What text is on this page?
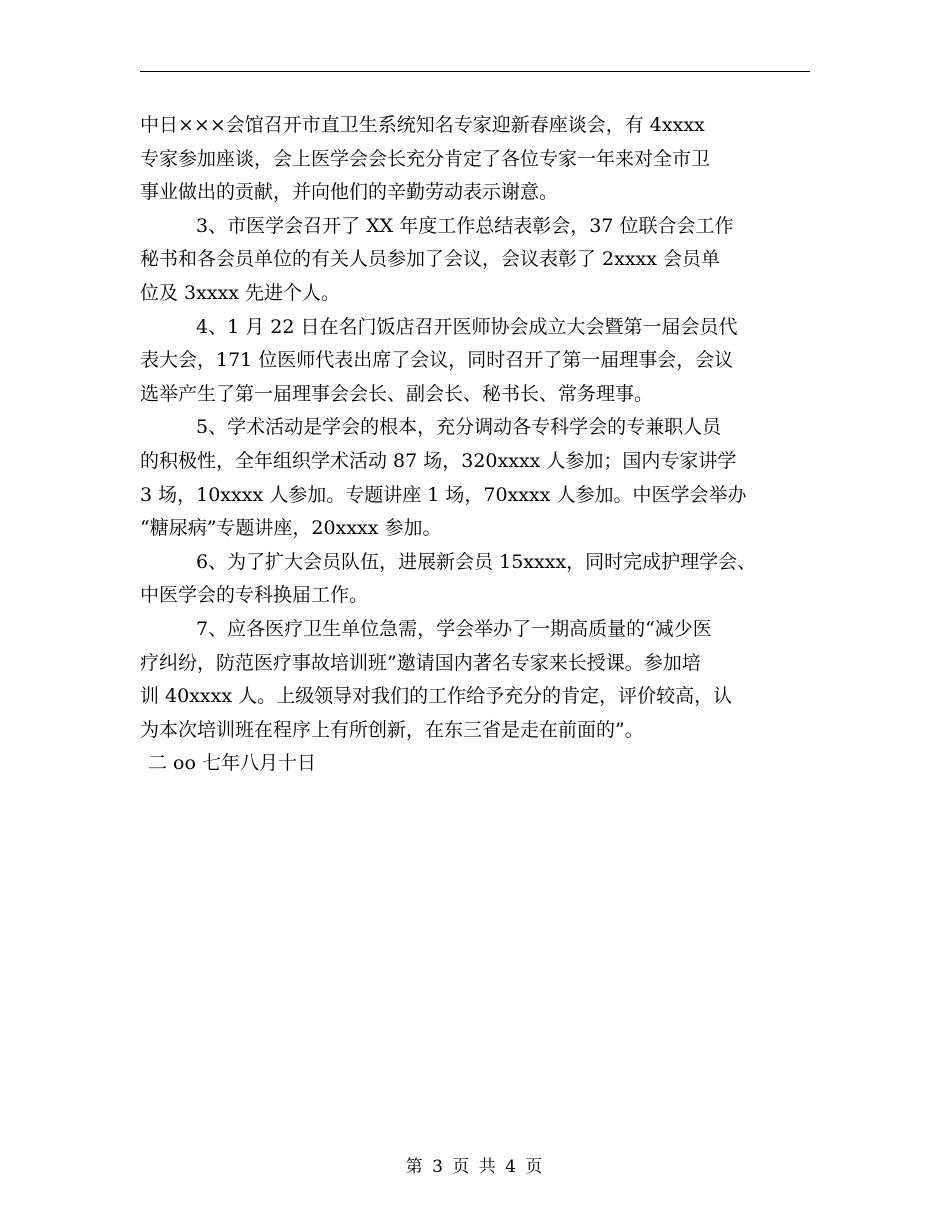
中日×××会馆召开市直卫生系统知名专家迎新春座谈会，有 4xxxx
专家参加座谈，会上医学会会长充分肯定了各位专家一年来对全市卫
事业做出的贡献，并向他们的辛勤劳动表示谢意。
3、市医学会召开了 XX 年度工作总结表彰会，37 位联合会工作
秘书和各会员单位的有关人员参加了会议，会议表彰了 2xxxx 会员单
位及 3xxxx 先进个人。
4、1 月 22 日在名门饭店召开医师协会成立大会暨第一届会员代
表大会，171 位医师代表出席了会议，同时召开了第一届理事会，会议
选举产生了第一届理事会会长、副会长、秘书长、常务理事。
5、学术活动是学会的根本，充分调动各专科学会的专兼职人员
的积极性，全年组织学术活动 87 场，320xxxx 人参加；国内专家讲学
3 场，10xxxx 人参加。专题讲座 1 场，70xxxx 人参加。中医学会举办
“糖尿病”专题讲座，20xxxx 参加。
6、为了扩大会员队伍，进展新会员 15xxxx，同时完成护理学会、
中医学会的专科换届工作。
7、应各医疗卫生单位急需，学会举办了一期高质量的“减少医
疗纠纷，防范医疗事故培训班”邀请国内著名专家来长授课。参加培
训 40xxxx 人。上级领导对我们的工作给予充分的肯定，评价较高，认
为本次培训班在程序上有所创新，在东三省是走在前面的”。
二 oo 七年八月十日
第 3 页 共 4 页
